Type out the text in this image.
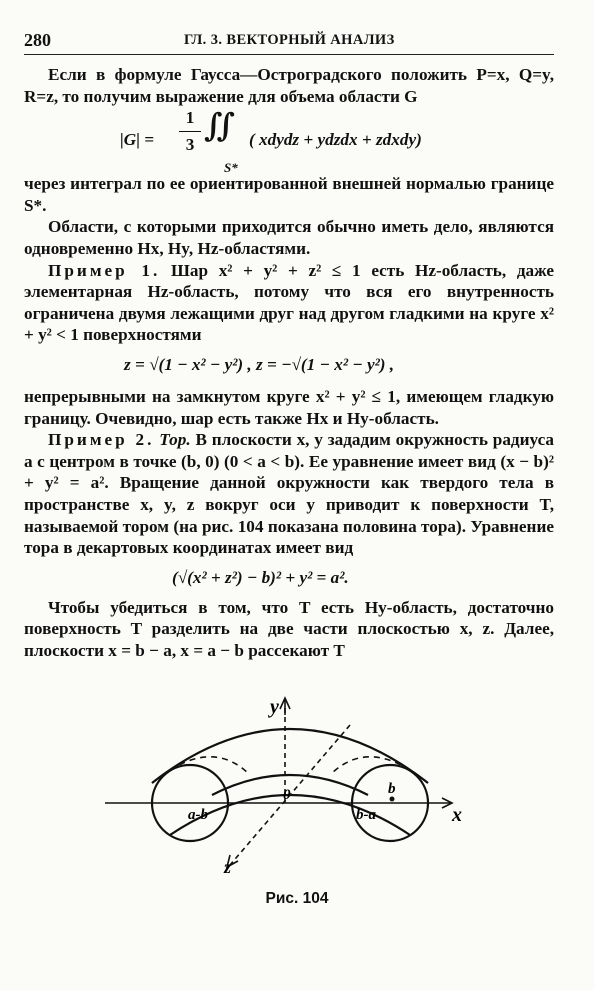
280	ГЛ. 3. ВЕКТОРНЫЙ АНАЛИЗ

Если в формуле Гаусса—Остроградского положить P=x, Q=y, R=z, то получим выражение для объема области G

|G| =
1
3
∬
S*
( xdydz + ydzdx + zdxdy)

через интеграл по ее ориентированной внешней нормалью границе S*.

Области, с которыми приходится обычно иметь дело, являются одновременно Hx, Hy, Hz-областями.

Пример 1. Шар x² + y² + z² ≤ 1 есть Hz-область, даже элементарная Hz-область, потому что вся его внутренность ограничена двумя лежащими друг над другом гладкими на круге x² + y² < 1 поверхностями

z = √(1 − x² − y²) , z = −√(1 − x² − y²) ,

непрерывными на замкнутом круге x² + y² ≤ 1, имеющем гладкую границу. Очевидно, шар есть также Hx и Hy-область.

Пример 2. Тор. В плоскости x, y зададим окружность радиуса a с центром в точке (b, 0) (0 < a < b). Ее уравнение имеет вид (x − b)² + y² = a². Вращение данной окружности как твердого тела в пространстве x, y, z вокруг оси y приводит к поверхности T, называемой тором (на рис. 104 показана половина тора). Уравнение тора в декартовых координатах имеет вид

(√(x² + z²) − b)² + y² = a².

Чтобы убедиться в том, что T есть Hy-область, достаточно поверхность T разделить на две части плоскостью x, z. Далее, плоскости x = b − a, x = a − b рассекают T

y
x
z
0
a-b	b-a
b
Рис. 104
